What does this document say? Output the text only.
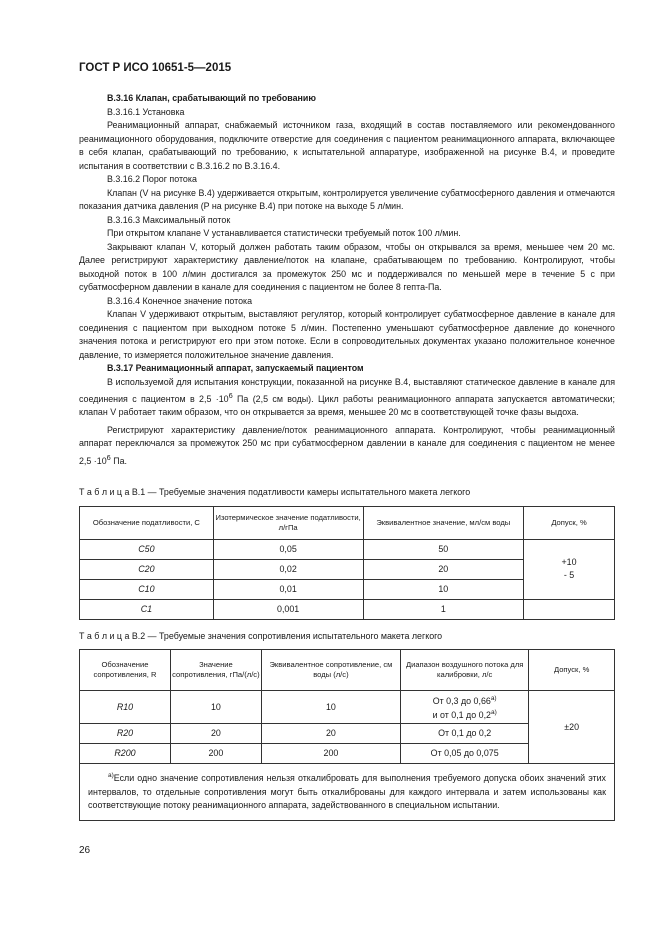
ГОСТ Р ИСО 10651-5—2015

В.3.16 Клапан, срабатывающий по требованию

В.3.16.1 Установка

Реанимационный аппарат, снабжаемый источником газа, входящий в состав поставляемого или рекомендованного реанимационного оборудования, подключите отверстие для соединения с пациентом реанимационного аппарата, включающее в себя клапан, срабатывающий по требованию, к испытательной аппаратуре, изображенной на рисунке В.4, и проведите испытания в соответствии с В.3.16.2 по В.3.16.4.

В.3.16.2 Порог потока

Клапан (V на рисунке В.4) удерживается открытым, контролируется увеличение субатмосферного давления и отмечаются показания датчика давления (P на рисунке В.4) при потоке на выходе 5 л/мин.

В.3.16.3 Максимальный поток

При открытом клапане V устанавливается статистически требуемый поток 100 л/мин.

Закрывают клапан V, который должен работать таким образом, чтобы он открывался за время, меньшее чем 20 мс. Далее регистрируют характеристику давление/поток на клапане, срабатывающем по требованию. Контролируют, чтобы выходной поток в 100 л/мин достигался за промежуток 250 мс и поддерживался по меньшей мере в течение 5 с при субатмосферном давлении в канале для соединения с пациентом не более 8 гепта-Па.

В.3.16.4 Конечное значение потока

Клапан V удерживают открытым, выставляют регулятор, который контролирует субатмосферное давление в канале для соединения с пациентом при выходном потоке 5 л/мин. Постепенно уменьшают субатмосферное давление до конечного значения потока и регистрируют его при этом потоке. Если в сопроводительных документах указано положительное конечное давление, то измеряется положительное значение давления.

В.3.17 Реанимационный аппарат, запускаемый пациентом

В используемой для испытания конструкции, показанной на рисунке В.4, выставляют статическое давление в канале для соединения с пациентом в $2,5 \cdot 10^6$ Па (2,5 см воды). Цикл работы реанимационного аппарата запускается автоматически; клапан V работает таким образом, что он открывается за время, меньшее 20 мс в соответствующей точке фазы выдоха.

Регистрируют характеристику давление/поток реанимационного аппарата. Контролируют, чтобы реанимационный аппарат переключался за промежуток 250 мс при субатмосферном давлении в канале для соединения с пациентом не менее $2,5 \cdot 10^6$ Па.

Т а б л и ц а В.1 — Требуемые значения податливости камеры испытательного макета легкого

Обозначение податливости, C	Изотермическое значение податливости, л/гПа	Эквивалентное значение, мл/см воды	Допуск, %
C50	0,05	50	+10
- 5
C20	0,02	20	
C10	0,01	10	
C1	0,001	1	

Т а б л и ц а В.2 — Требуемые значения сопротивления испытательного макета легкого

Обозначение сопротивления, R	Значение сопротивления, гПа/(л/с)	Эквивалентное сопротивление, см воды (л/с)	Диапазон воздушного потока для калибровки, л/с	Допуск, %
R10	10	10	От 0,3 до $0,66^{а)}$
и от 0,1 до $0,2^{а)}$	±20
R20	20	20	От 0,1 до 0,2	
R200	200	200	От 0,05 до 0,075	
$^{а)}$Если одно значение сопротивления нельзя откалибровать для выполнения требуемого допуска обоих значений этих интервалов, то отдельные сопротивления могут быть откалиброваны для каждого интервала и затем использованы как соответствующие потоку реанимационного аппарата, задействованного в специальном испытании.				
26
